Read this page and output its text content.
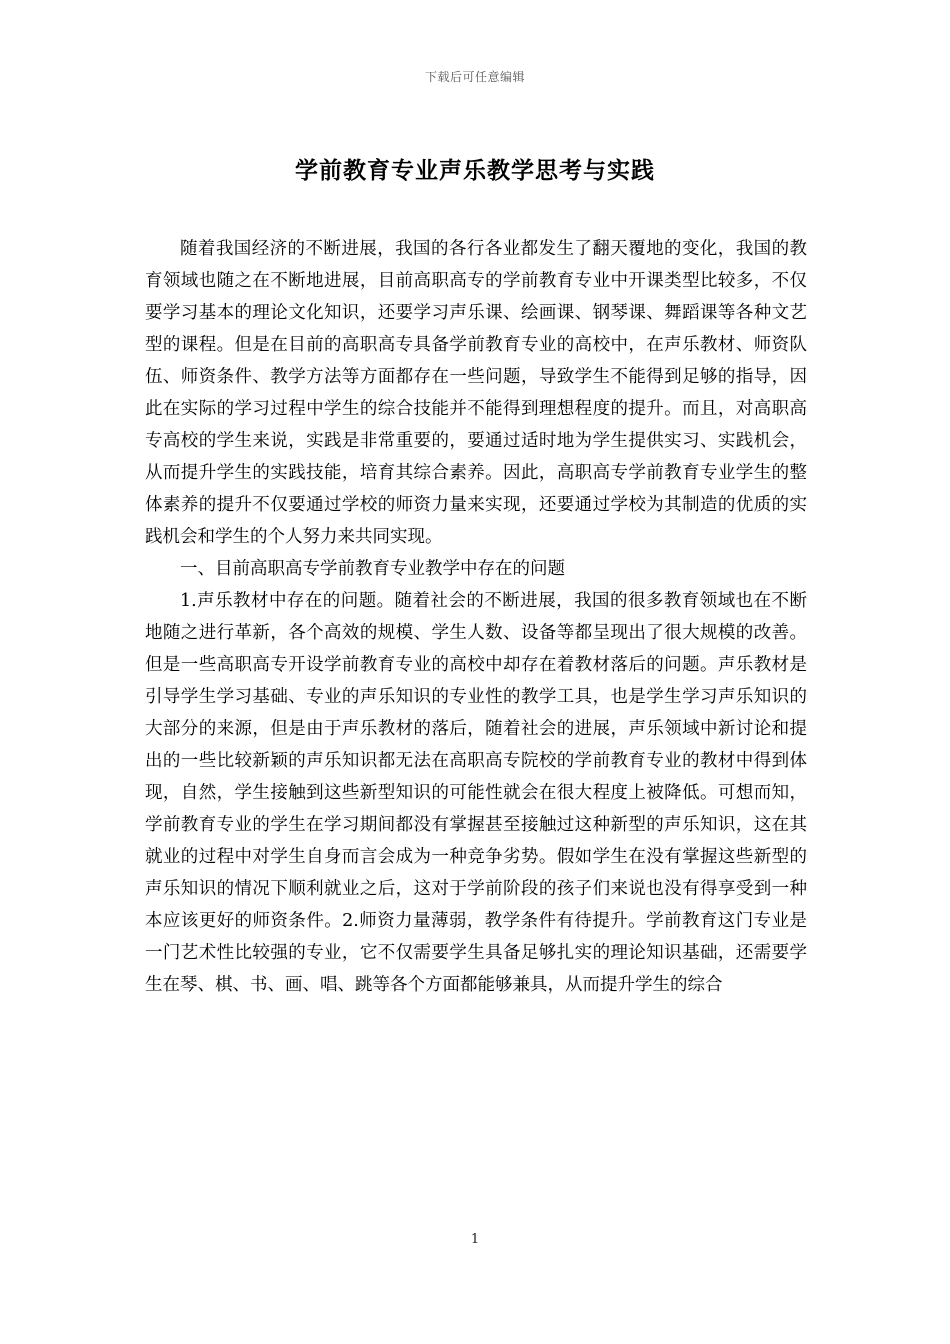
下载后可任意编辑
学前教育专业声乐教学思考与实践

随着我国经济的不断进展，我国的各行各业都发生了翻天覆地的变化，我国的教育领域也随之在不断地进展，目前高职高专的学前教育专业中开课类型比较多，不仅要学习基本的理论文化知识，还要学习声乐课、绘画课、钢琴课、舞蹈课等各种文艺型的课程。但是在目前的高职高专具备学前教育专业的高校中，在声乐教材、师资队伍、师资条件、教学方法等方面都存在一些问题，导致学生不能得到足够的指导，因此在实际的学习过程中学生的综合技能并不能得到理想程度的提升。而且，对高职高专高校的学生来说，实践是非常重要的，要通过适时地为学生提供实习、实践机会，从而提升学生的实践技能，培育其综合素养。因此，高职高专学前教育专业学生的整体素养的提升不仅要通过学校的师资力量来实现，还要通过学校为其制造的优质的实践机会和学生的个人努力来共同实现。

一、目前高职高专学前教育专业教学中存在的问题

1.声乐教材中存在的问题。随着社会的不断进展，我国的很多教育领域也在不断地随之进行革新，各个高效的规模、学生人数、设备等都呈现出了很大规模的改善。但是一些高职高专开设学前教育专业的高校中却存在着教材落后的问题。声乐教材是引导学生学习基础、专业的声乐知识的专业性的教学工具，也是学生学习声乐知识的大部分的来源，但是由于声乐教材的落后，随着社会的进展，声乐领域中新讨论和提出的一些比较新颖的声乐知识都无法在高职高专院校的学前教育专业的教材中得到体现，自然，学生接触到这些新型知识的可能性就会在很大程度上被降低。可想而知，学前教育专业的学生在学习期间都没有掌握甚至接触过这种新型的声乐知识，这在其就业的过程中对学生自身而言会成为一种竞争劣势。假如学生在没有掌握这些新型的声乐知识的情况下顺利就业之后，这对于学前阶段的孩子们来说也没有得享受到一种本应该更好的师资条件。2.师资力量薄弱，教学条件有待提升。学前教育这门专业是一门艺术性比较强的专业，它不仅需要学生具备足够扎实的理论知识基础，还需要学生在琴、棋、书、画、唱、跳等各个方面都能够兼具，从而提升学生的综合

1
